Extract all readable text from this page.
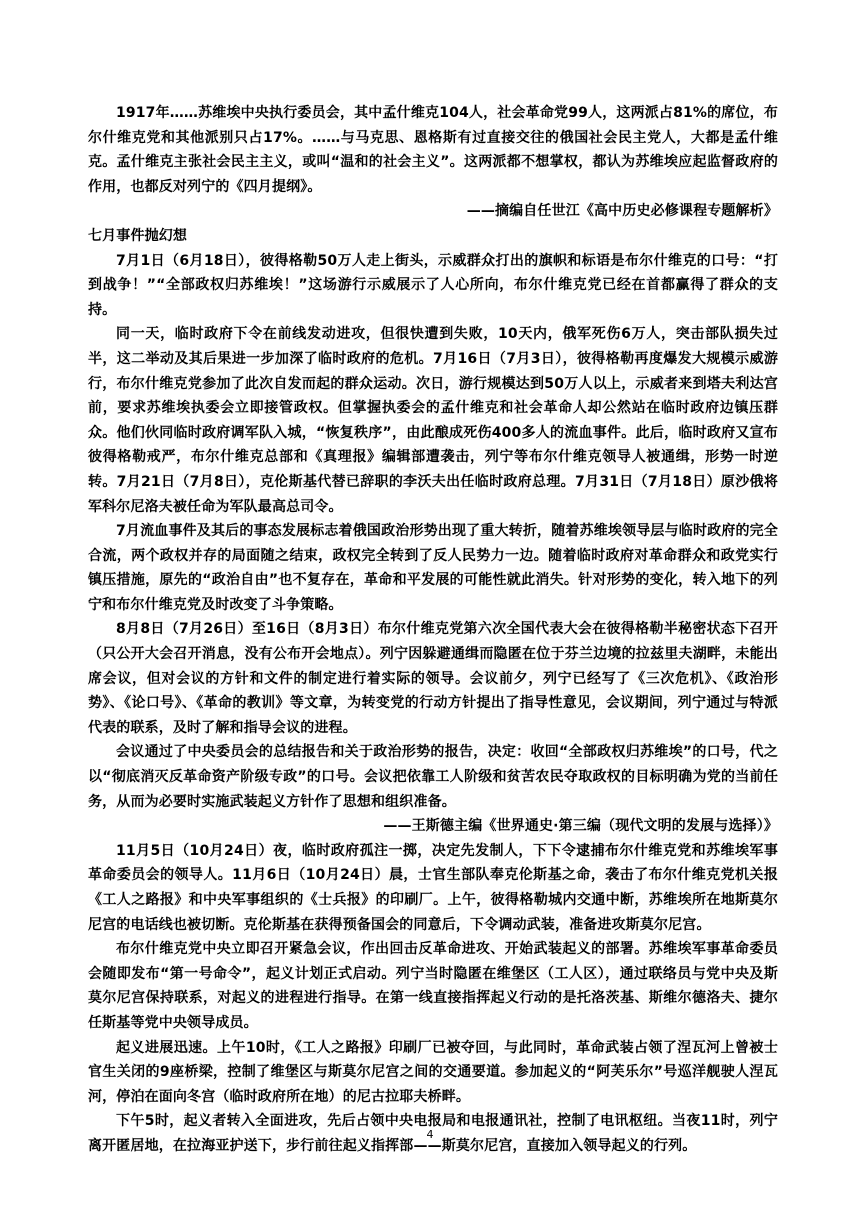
1917年……苏维埃中央执行委员会，其中孟什维克104人，社会革命党99人，这两派占81%的席位，布尔什维克党和其他派别只占17%。……与马克思、恩格斯有过直接交往的俄国社会民主党人，大都是孟什维克。孟什维克主张社会民主主义，或叫“温和的社会主义”。这两派都不想掌权，都认为苏维埃应起监督政府的作用，也都反对列宁的《四月提纲》。

——摘编自任世江《高中历史必修课程专题解析》

七月事件抛幻想

7月1日（6月18日），彼得格勒50万人走上街头，示威群众打出的旗帜和标语是布尔什维克的口号：“打到战争！”“全部政权归苏维埃！”这场游行示威展示了人心所向，布尔什维克党已经在首都赢得了群众的支持。

同一天，临时政府下令在前线发动进攻，但很快遭到失败，10天内，俄军死伤6万人，突击部队损失过半，这二举动及其后果进一步加深了临时政府的危机。7月16日（7月3日），彼得格勒再度爆发大规模示威游行，布尔什维克党参加了此次自发而起的群众运动。次日，游行规模达到50万人以上，示威者来到塔夫利达宫前，要求苏维埃执委会立即接管政权。但掌握执委会的孟什维克和社会革命人却公然站在临时政府边镇压群众。他们伙同临时政府调军队入城，“恢复秩序”，由此酿成死伤400多人的流血事件。此后，临时政府又宣布彼得格勒戒严，布尔什维克总部和《真理报》编辑部遭袭击，列宁等布尔什维克领导人被通缉，形势一时逆转。7月21日（7月8日），克伦斯基代替已辞职的李沃夫出任临时政府总理。7月31日（7月18日）原沙俄将军科尔尼洛夫被任命为军队最高总司令。

7月流血事件及其后的事态发展标志着俄国政治形势出现了重大转折，随着苏维埃领导层与临时政府的完全合流，两个政权并存的局面随之结束，政权完全转到了反人民势力一边。随着临时政府对革命群众和政党实行镇压措施，原先的“政治自由”也不复存在，革命和平发展的可能性就此消失。针对形势的变化，转入地下的列宁和布尔什维克党及时改变了斗争策略。

8月8日（7月26日）至16日（8月3日）布尔什维克党第六次全国代表大会在彼得格勒半秘密状态下召开（只公开大会召开消息，没有公布开会地点）。列宁因躲避通缉而隐匿在位于芬兰边境的拉兹里夫湖畔，未能出席会议，但对会议的方针和文件的制定进行着实际的领导。会议前夕，列宁已经写了《三次危机》、《政治形势》、《论口号》、《革命的教训》等文章，为转变党的行动方针提出了指导性意见，会议期间，列宁通过与特派代表的联系，及时了解和指导会议的进程。

会议通过了中央委员会的总结报告和关于政治形势的报告，决定：收回“全部政权归苏维埃”的口号，代之以“彻底消灭反革命资产阶级专政”的口号。会议把依靠工人阶级和贫苦农民夺取政权的目标明确为党的当前任务，从而为必要时实施武装起义方针作了思想和组织准备。

——王斯德主编《世界通史·第三编（现代文明的发展与选择）》

11月5日（10月24日）夜，临时政府孤注一掷，决定先发制人，下下令逮捕布尔什维克党和苏维埃军事革命委员会的领导人。11月6日（10月24日）晨，士官生部队奉克伦斯基之命，袭击了布尔什维克党机关报《工人之路报》和中央军事组织的《士兵报》的印刷厂。上午，彼得格勒城内交通中断，苏维埃所在地斯莫尔尼宫的电话线也被切断。克伦斯基在获得预备国会的同意后，下令调动武装，准备进攻斯莫尔尼宫。

布尔什维克党中央立即召开紧急会议，作出回击反革命进攻、开始武装起义的部署。苏维埃军事革命委员会随即发布“第一号命令”，起义计划正式启动。列宁当时隐匿在维堡区（工人区），通过联络员与党中央及斯莫尔尼宫保持联系，对起义的进程进行指导。在第一线直接指挥起义行动的是托洛茨基、斯维尔德洛夫、捷尔任斯基等党中央领导成员。

起义进展迅速。上午10时，《工人之路报》印刷厂已被夺回，与此同时，革命武装占领了涅瓦河上曾被士官生关闭的9座桥梁，控制了维堡区与斯莫尔尼宫之间的交通要道。参加起义的“阿芙乐尔”号巡洋舰驶人涅瓦河，停泊在面向冬宫（临时政府所在地）的尼古拉耶夫桥畔。

下午5时，起义者转入全面进攻，先后占领中央电报局和电报通讯社，控制了电讯枢纽。当夜11时，列宁离开匿居地，在拉海亚护送下，步行前往起义指挥部——斯莫尔尼宫，直接加入领导起义的行列。

4
